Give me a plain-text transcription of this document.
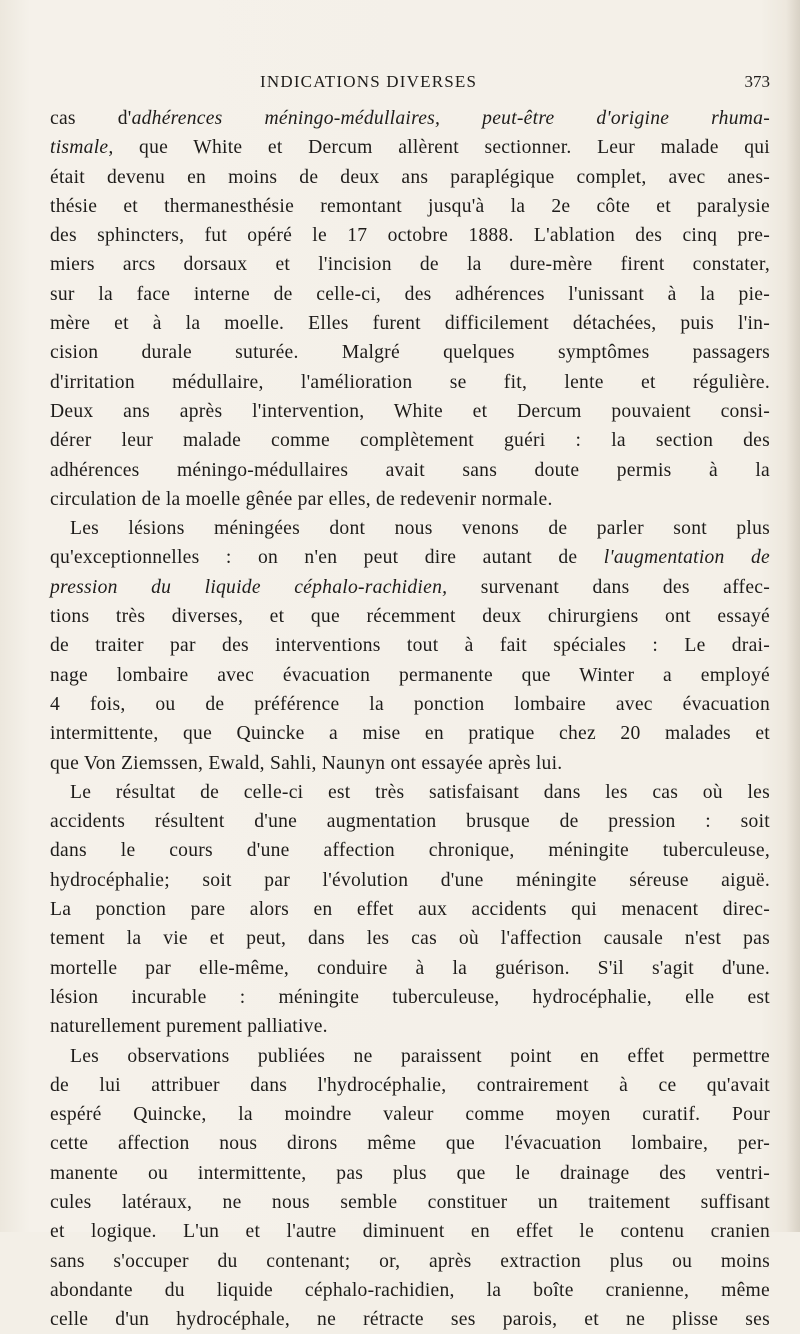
INDICATIONS DIVERSES	373
cas d'adhérences méningo-médullaires, peut-être d'origine rhuma-
tismale, que White et Dercum allèrent sectionner. Leur malade qui
était devenu en moins de deux ans paraplégique complet, avec anes-
thésie et thermanesthésie remontant jusqu'à la 2e côte et paralysie
des sphincters, fut opéré le 17 octobre 1888. L'ablation des cinq pre-
miers arcs dorsaux et l'incision de la dure-mère firent constater,
sur la face interne de celle-ci, des adhérences l'unissant à la pie-
mère et à la moelle. Elles furent difficilement détachées, puis l'in-
cision durale suturée. Malgré quelques symptômes passagers
d'irritation médullaire, l'amélioration se fit, lente et régulière.
Deux ans après l'intervention, White et Dercum pouvaient consi-
dérer leur malade comme complètement guéri : la section des
adhérences méningo-médullaires avait sans doute permis à la
circulation de la moelle gênée par elles, de redevenir normale.
Les lésions méningées dont nous venons de parler sont plus
qu'exceptionnelles : on n'en peut dire autant de l'augmentation de
pression du liquide céphalo-rachidien, survenant dans des affec-
tions très diverses, et que récemment deux chirurgiens ont essayé
de traiter par des interventions tout à fait spéciales : Le drai-
nage lombaire avec évacuation permanente que Winter a employé
4 fois, ou de préférence la ponction lombaire avec évacuation
intermittente, que Quincke a mise en pratique chez 20 malades et
que Von Ziemssen, Ewald, Sahli, Naunyn ont essayée après lui.
Le résultat de celle-ci est très satisfaisant dans les cas où les
accidents résultent d'une augmentation brusque de pression : soit
dans le cours d'une affection chronique, méningite tuberculeuse,
hydrocéphalie; soit par l'évolution d'une méningite séreuse aiguë.
La ponction pare alors en effet aux accidents qui menacent direc-
tement la vie et peut, dans les cas où l'affection causale n'est pas
mortelle par elle-même, conduire à la guérison. S'il s'agit d'une.
lésion incurable : méningite tuberculeuse, hydrocéphalie, elle est
naturellement purement palliative.
Les observations publiées ne paraissent point en effet permettre
de lui attribuer dans l'hydrocéphalie, contrairement à ce qu'avait
espéré Quincke, la moindre valeur comme moyen curatif. Pour
cette affection nous dirons même que l'évacuation lombaire, per-
manente ou intermittente, pas plus que le drainage des ventri-
cules latéraux, ne nous semble constituer un traitement suffisant
et logique. L'un et l'autre diminuent en effet le contenu cranien
sans s'occuper du contenant; or, après extraction plus ou moins
abondante du liquide céphalo-rachidien, la boîte cranienne, même
celle d'un hydrocéphale, ne rétracte ses parois, et ne plisse ses
